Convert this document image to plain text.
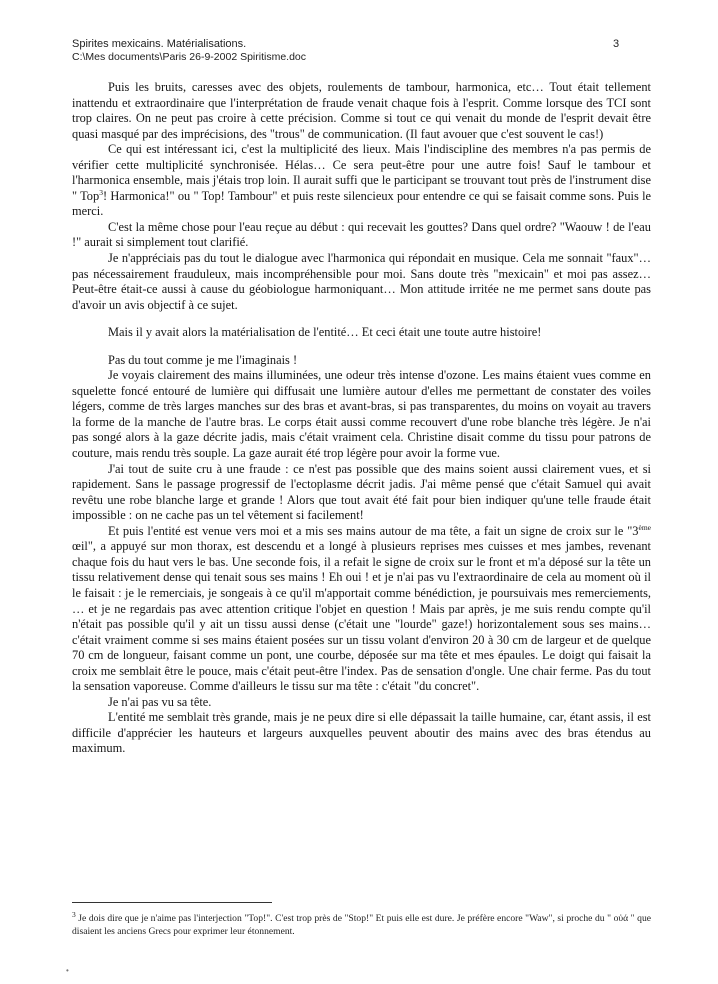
Spirites mexicains. Matérialisations.
C:\Mes documents\Paris 26-9-2002 Spiritisme.doc
3

Puis les bruits, caresses avec des objets, roulements de tambour, harmonica, etc… Tout était tellement inattendu et extraordinaire que l'interprétation de fraude venait chaque fois à l'esprit. Comme lorsque des TCI sont trop claires. On ne peut pas croire à cette précision. Comme si tout ce qui venait du monde de l'esprit devait être quasi masqué par des imprécisions, des "trous" de communication. (Il faut avouer que c'est souvent le cas!)

Ce qui est intéressant ici, c'est la multiplicité des lieux. Mais l'indiscipline des membres n'a pas permis de vérifier cette multiplicité synchronisée. Hélas… Ce sera peut-être pour une autre fois! Sauf le tambour et l'harmonica ensemble, mais j'étais trop loin. Il aurait suffi que le participant se trouvant tout près de l'instrument dise " Top$^3$! Harmonica!" ou " Top! Tambour" et puis reste silencieux pour entendre ce qui se faisait comme sons. Puis le merci.

C'est la même chose pour l'eau reçue au début : qui recevait les gouttes? Dans quel ordre? "Waouw ! de l'eau !" aurait si simplement tout clarifié.

Je n'appréciais pas du tout le dialogue avec l'harmonica qui répondait en musique. Cela me sonnait "faux"… pas nécessairement frauduleux, mais incompréhensible pour moi. Sans doute très "mexicain" et moi pas assez… Peut-être était-ce aussi à cause du géobiologue harmoniquant… Mon attitude irritée ne me permet sans doute pas d'avoir un avis objectif à ce sujet.

Mais il y avait alors la matérialisation de l'entité… Et ceci était une toute autre histoire!

Pas du tout comme je me l'imaginais !

Je voyais clairement des mains illuminées, une odeur très intense d'ozone. Les mains étaient vues comme en squelette foncé entouré de lumière qui diffusait une lumière autour d'elles me permettant de constater des voiles légers, comme de très larges manches sur des bras et avant-bras, si pas transparentes, du moins on voyait au travers la forme de la manche de l'autre bras. Le corps était aussi comme recouvert d'une robe blanche très légère. Je n'ai pas songé alors à la gaze décrite jadis, mais c'était vraiment cela. Christine disait comme du tissu pour patrons de couture, mais rendu très souple. La gaze aurait été trop légère pour avoir la forme vue.

J'ai tout de suite cru à une fraude : ce n'est pas possible que des mains soient aussi clairement vues, et si rapidement. Sans le passage progressif de l'ectoplasme décrit jadis. J'ai même pensé que c'était Samuel qui avait revêtu une robe blanche large et grande ! Alors que tout avait été fait pour bien indiquer qu'une telle fraude était impossible : on ne cache pas un tel vêtement si facilement!

Et puis l'entité est venue vers moi et a mis ses mains autour de ma tête, a fait un signe de croix sur le "3ème œil", a appuyé sur mon thorax, est descendu et a longé à plusieurs reprises mes cuisses et mes jambes, revenant chaque fois du haut vers le bas. Une seconde fois, il a refait le signe de croix sur le front et m'a déposé sur la tête un tissu relativement dense qui tenait sous ses mains ! Eh oui ! et je n'ai pas vu l'extraordinaire de cela au moment où il le faisait : je le remerciais, je songeais à ce qu'il m'apportait comme bénédiction, je poursuivais mes remerciements, … et je ne regardais pas avec attention critique l'objet en question ! Mais par après, je me suis rendu compte qu'il n'était pas possible qu'il y ait un tissu aussi dense (c'était une "lourde" gaze!) horizontalement sous ses mains… c'était vraiment comme si ses mains étaient posées sur un tissu volant d'environ 20 à 30 cm de largeur et de quelque 70 cm de longueur, faisant comme un pont, une courbe, déposée sur ma tête et mes épaules. Le doigt qui faisait la croix me semblait être le pouce, mais c'était peut-être l'index. Pas de sensation d'ongle. Une chair ferme. Pas du tout la sensation vaporeuse. Comme d'ailleurs le tissu sur ma tête : c'était "du concret".

Je n'ai pas vu sa tête.

L'entité me semblait très grande, mais je ne peux dire si elle dépassait la taille humaine, car, étant assis, il est difficile d'apprécier les hauteurs et largeurs auxquelles peuvent aboutir des mains avec des bras étendus au maximum.

$^3$ Je dois dire que je n'aime pas l'interjection "Top!". C'est trop près de "Stop!" Et puis elle est dure. Je préfère encore "Waw", si proche du " οὐά " que disaient les anciens Grecs pour exprimer leur étonnement.
•
